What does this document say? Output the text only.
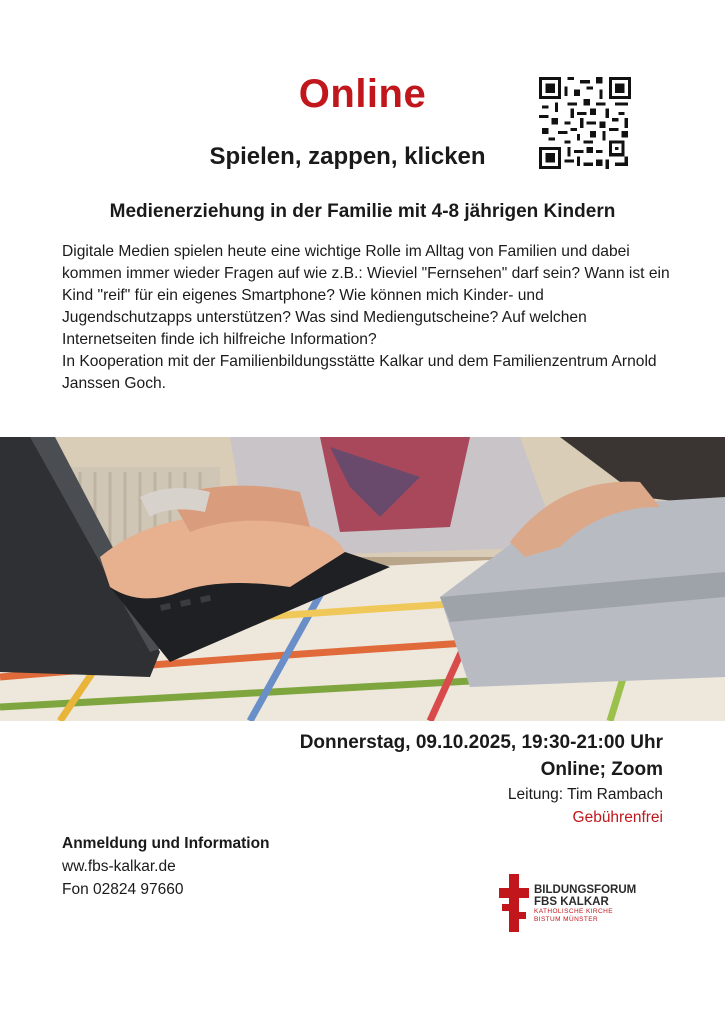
Online
Spielen, zappen, klicken
Medienerziehung in der Familie mit 4-8 jährigen Kindern

Digitale Medien spielen heute eine wichtige Rolle im Alltag von Familien und dabei kommen immer wieder Fragen auf wie z.B.: Wieviel "Fernsehen" darf sein? Wann ist ein Kind "reif" für ein eigenes Smartphone? Wie können mich Kinder- und Jugendschutzapps unterstützen? Was sind Mediengutscheine? Auf welchen Internetseiten finde ich hilfreiche Information?

In Kooperation mit der Familienbildungsstätte Kalkar und dem Familienzentrum Arnold Janssen Goch.

Donnerstag, 09.10.2025, 19:30-21:00 Uhr
Online; Zoom
Leitung: Tim Rambach
Gebührenfrei
Anmeldung und Information
ww.fbs-kalkar.de
Fon 02824 97660	BILDUNGSFORUM
FBS KALKAR
KATHOLISCHE KIRCHE
BISTUM MÜNSTER
